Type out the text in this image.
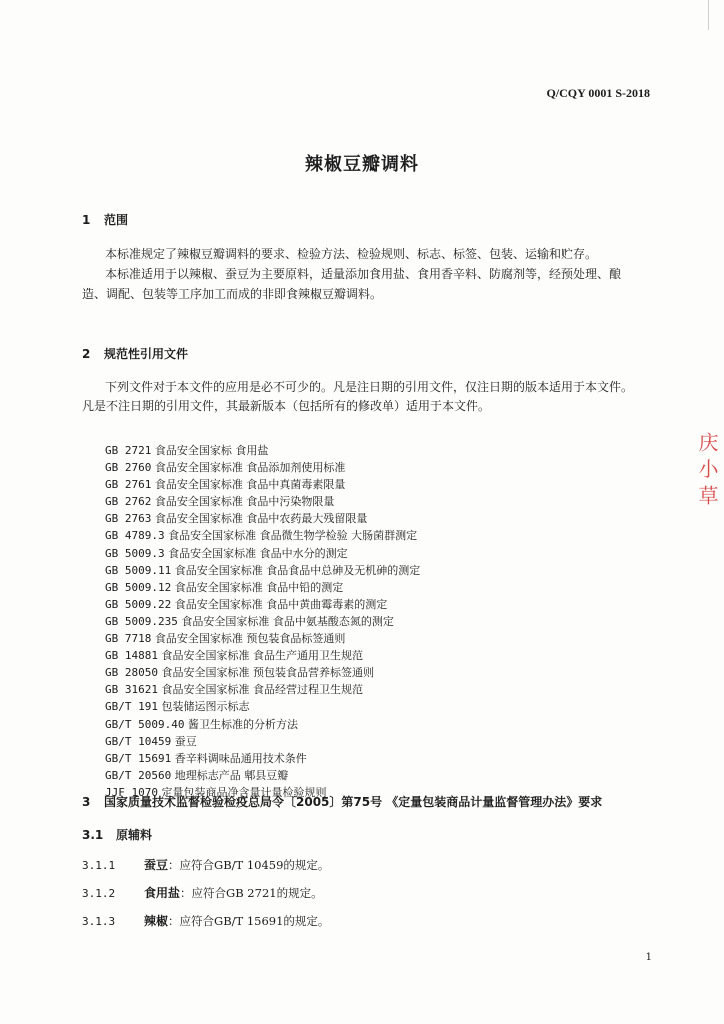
Q/CQY 0001 S-2018
辣椒豆瓣调料
1 范围
本标准规定了辣椒豆瓣调料的要求、检验方法、检验规则、标志、标签、包装、运输和贮存。
本标准适用于以辣椒、蚕豆为主要原料，适量添加食用盐、食用香辛料、防腐剂等，经预处理、酿
造、调配、包装等工序加工而成的非即食辣椒豆瓣调料。
2 规范性引用文件
下列文件对于本文件的应用是必不可少的。凡是注日期的引用文件，仅注日期的版本适用于本文件。
凡是不注日期的引用文件，其最新版本（包括所有的修改单）适用于本文件。
GB 2721 食品安全国家标 食用盐
GB 2760 食品安全国家标准 食品添加剂使用标准
GB 2761 食品安全国家标准 食品中真菌毒素限量
GB 2762 食品安全国家标准 食品中污染物限量
GB 2763 食品安全国家标准 食品中农药最大残留限量
GB 4789.3 食品安全国家标准 食品微生物学检验 大肠菌群测定
GB 5009.3 食品安全国家标准 食品中水分的测定
GB 5009.11 食品安全国家标准 食品食品中总砷及无机砷的测定
GB 5009.12 食品安全国家标准 食品中铅的测定
GB 5009.22 食品安全国家标准 食品中黄曲霉毒素的测定
GB 5009.235 食品安全国家标准 食品中氨基酸态氮的测定
GB 7718 食品安全国家标准 预包装食品标签通则
GB 14881 食品安全国家标准 食品生产通用卫生规范
GB 28050 食品安全国家标准 预包装食品营养标签通则
GB 31621 食品安全国家标准 食品经营过程卫生规范
GB/T 191 包装储运图示标志
GB/T 5009.40 酱卫生标准的分析方法
GB/T 10459 蚕豆
GB/T 15691 香辛料调味品通用技术条件
GB/T 20560 地理标志产品 郫县豆瓣
JJF 1070 定量包装商品净含量计量检验规则
3 国家质量技术监督检验检疫总局令〔2005〕第75号 《定量包装商品计量监督管理办法》要求
3.1 原辅料
3.1.1 蚕豆：应符合GB/T 10459的规定。
3.1.2 食用盐：应符合GB 2721的规定。
3.1.3 辣椒：应符合GB/T 15691的规定。
1
庆 小 草
